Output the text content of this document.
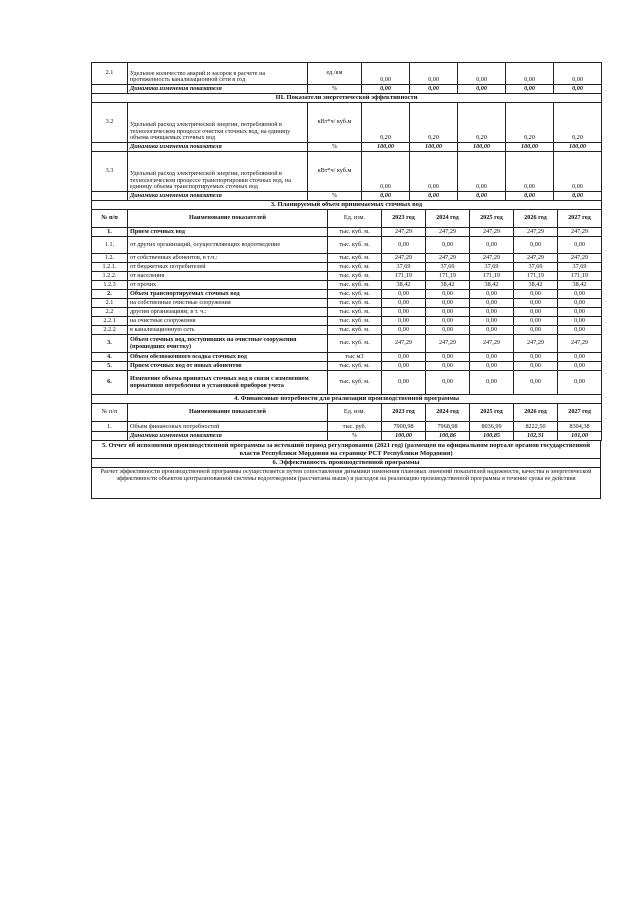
2.1	Удельное количество аварий и засоров в расчете на протяженность канализационной сети в год	ед./км	0,00	0,00	0,00	0,00	0,00
	Динамика изменения показателя	%	0,00	0,00	0,00	0,00	0,00
III. Показатели энергетической эффективности							
3.2	Удельный расход электрической энергии, потребляемой в технологическом процессе очистки сточных вод, на единицу объема очищаемых сточных вод	кВт*ч/ куб.м	0,20	0,20	0,20	0,20	0,20
	Динамика изменения показателя	%	100,00	100,00	100,00	100,00	100,00
3.3	Удельный расход электрической энергии, потребляемой в технологическом процессе транспортировки сточных вод, на единицу объема транспортируемых сточных вод	кВт*ч/ куб.м	0,00	0,00	0,00	0,00	0,00
	Динамика изменения показателя	%	0,00	0,00	0,00	0,00	0,00
3. Планируемый объем принимаемых сточных вод							
№ п/п	Наименование показателей	Ед. изм.	2023 год	2024 год	2025 год	2026 год	2027 год
1.	Прием сточных вод	тыс. куб. м.	247,29	247,29	247,29	247,29	247,29
1.1.	от других организаций, осуществляющих водоотведение	тыс. куб. м.	0,00	0,00	0,00	0,00	0,00
1.2.	от собственных абонентов, в т.ч.:	тыс. куб. м.	247,29	247,29	247,29	247,29	247,29
1.2.1.	от бюджетных потребителей	тыс. куб. м.	37,69	37,69	37,69	37,69	37,69
1.2.2.	от населения	тыс. куб. м.	171,19	171,19	171,19	171,19	171,19
1.2.3	от прочих	тыс. куб. м.	38,42	38,42	38,42	38,42	38,42
2.	Объем транспортируемых сточных вод	тыс. куб. м.	0,00	0,00	0,00	0,00	0,00
2.1	на собственные очистные сооружения	тыс. куб. м.	0,00	0,00	0,00	0,00	0,00
2.2	другим организациям, в т. ч.:	тыс. куб. м.	0,00	0,00	0,00	0,00	0,00
2.2.1	на очистные сооружения	тыс. куб. м.	0,00	0,00	0,00	0,00	0,00
2.2.2	в канализационную сеть	тыс. куб. м.	0,00	0,00	0,00	0,00	0,00
3.	Объем сточных вод, поступивших на очистные сооружения (прошедших очистку)	тыс. куб. м.	247,29	247,29	247,29	247,29	247,29
4.	Объем обезвоженного осадка сточных вод	тыс м3	0,00	0,00	0,00	0,00	0,00
5.	Прием сточных вод от новых абонентов	тыс. куб. м.	0,00	0,00	0,00	0,00	0,00
6.	Изменение объема принятых сточных вод в связи с изменением нормативов потребления и установкой приборов учета	тыс. куб. м.	0,00	0,00	0,00	0,00	0,00
4. Финансовые потребности для реализации производственной программы							
№ п/п	Наименование показателей	Ед. изм.	2023 год	2024 год	2025 год	2026 год	2027 год
1.	Объем финансовых потребностей	тыс. руб.	7900,98	7968,98	8036,99	8222,50	8304,38
	Динамика изменения показателя	%	100,00	100,86	100,85	102,31	101,00
5. Отчет об исполнении производственной программы за истекший период регулирования (2021 год) (размещен на официальном портале органов государственной власти Республики Мордовия на странице РСТ Республики Мордовия)
6. Эффективность производственной программы
Расчет эффективности производственной программы осуществляется путем сопоставления динамики изменения плановых значений показателей надежности, качества и энергетической эффективности объектов централизованной системы водоотведения (рассчитаны выше) и расходов на реализацию производственной программы в течение срока ее действия
